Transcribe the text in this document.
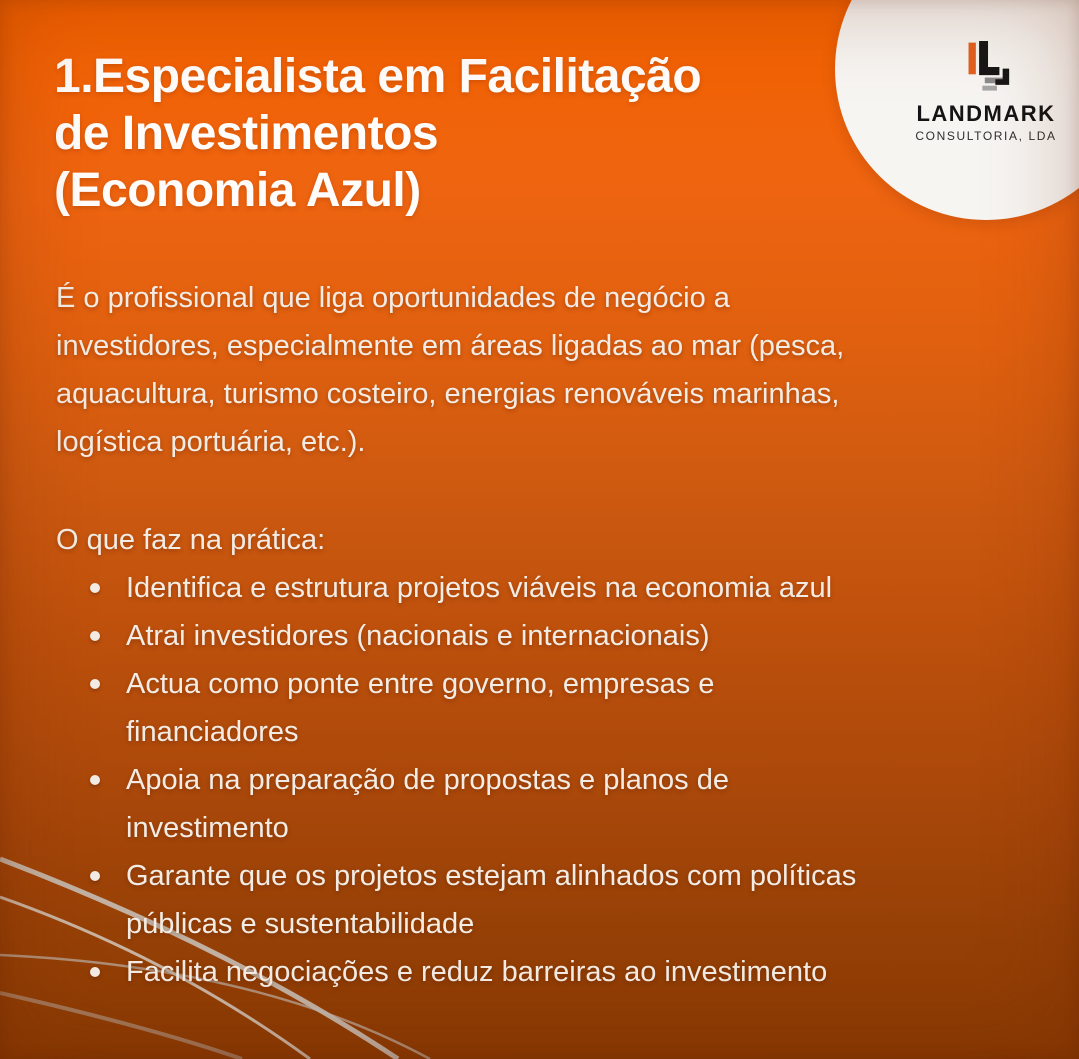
1.Especialista em Facilitação
de Investimentos
(Economia Azul)
LANDMARK
CONSULTORIA, LDA
É o profissional que liga oportunidades de negócio a
investidores, especialmente em áreas ligadas ao mar (pesca,
aquacultura, turismo costeiro, energias renováveis marinhas,
logística portuária, etc.).
O que faz na prática:
Identifica e estrutura projetos viáveis na economia azul
Atrai investidores (nacionais e internacionais)
Actua como ponte entre governo, empresas e
financiadores
Apoia na preparação de propostas e planos de
investimento
Garante que os projetos estejam alinhados com políticas
públicas e sustentabilidade
Facilita negociações e reduz barreiras ao investimento
